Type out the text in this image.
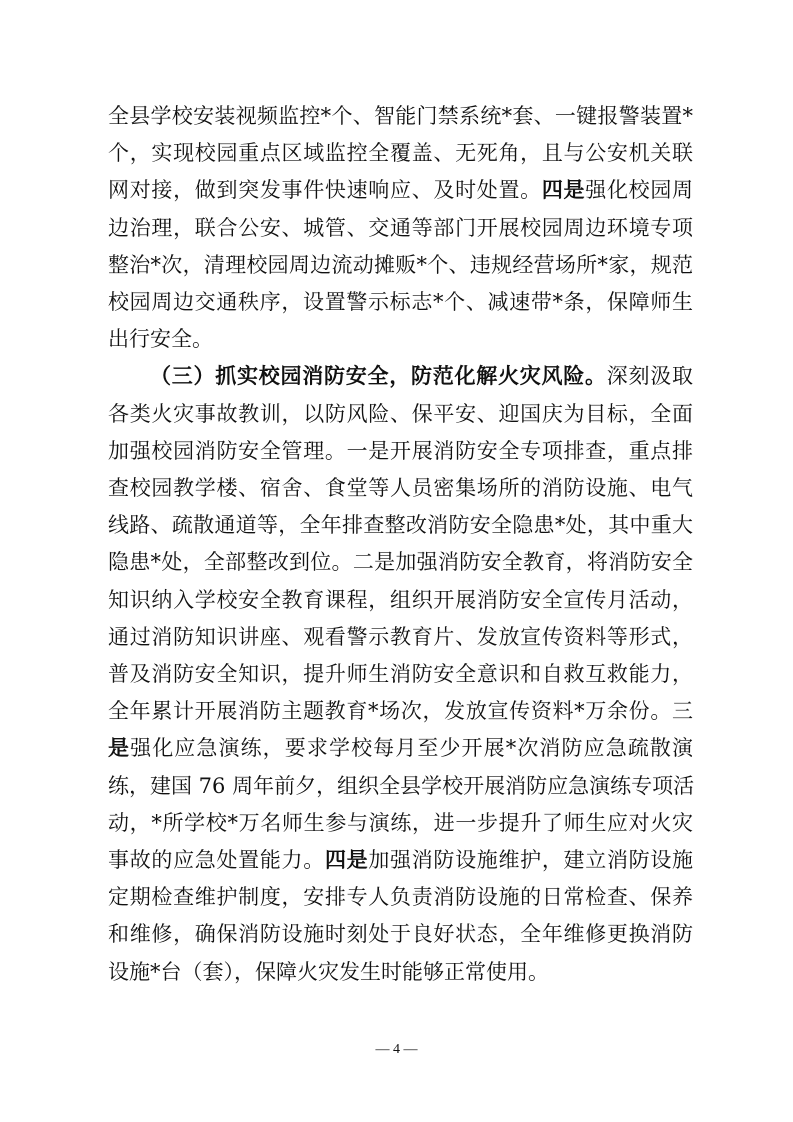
全县学校安装视频监控*个、智能门禁系统*套、一键报警装置*
个，实现校园重点区域监控全覆盖、无死角，且与公安机关联
网对接，做到突发事件快速响应、及时处置。四是强化校园周
边治理，联合公安、城管、交通等部门开展校园周边环境专项
整治*次，清理校园周边流动摊贩*个、违规经营场所*家，规范
校园周边交通秩序，设置警示标志*个、减速带*条，保障师生
出行安全。
（三）抓实校园消防安全，防范化解火灾风险。深刻汲取
各类火灾事故教训，以防风险、保平安、迎国庆为目标，全面
加强校园消防安全管理。一是开展消防安全专项排查，重点排
查校园教学楼、宿舍、食堂等人员密集场所的消防设施、电气
线路、疏散通道等，全年排查整改消防安全隐患*处，其中重大
隐患*处，全部整改到位。二是加强消防安全教育，将消防安全
知识纳入学校安全教育课程，组织开展消防安全宣传月活动，
通过消防知识讲座、观看警示教育片、发放宣传资料等形式，
普及消防安全知识，提升师生消防安全意识和自救互救能力，
全年累计开展消防主题教育*场次，发放宣传资料*万余份。三
是强化应急演练，要求学校每月至少开展*次消防应急疏散演
练，建国 76 周年前夕，组织全县学校开展消防应急演练专项活
动，*所学校*万名师生参与演练，进一步提升了师生应对火灾
事故的应急处置能力。四是加强消防设施维护，建立消防设施
定期检查维护制度，安排专人负责消防设施的日常检查、保养
和维修，确保消防设施时刻处于良好状态，全年维修更换消防
设施*台（套），保障火灾发生时能够正常使用。
— 4 —
